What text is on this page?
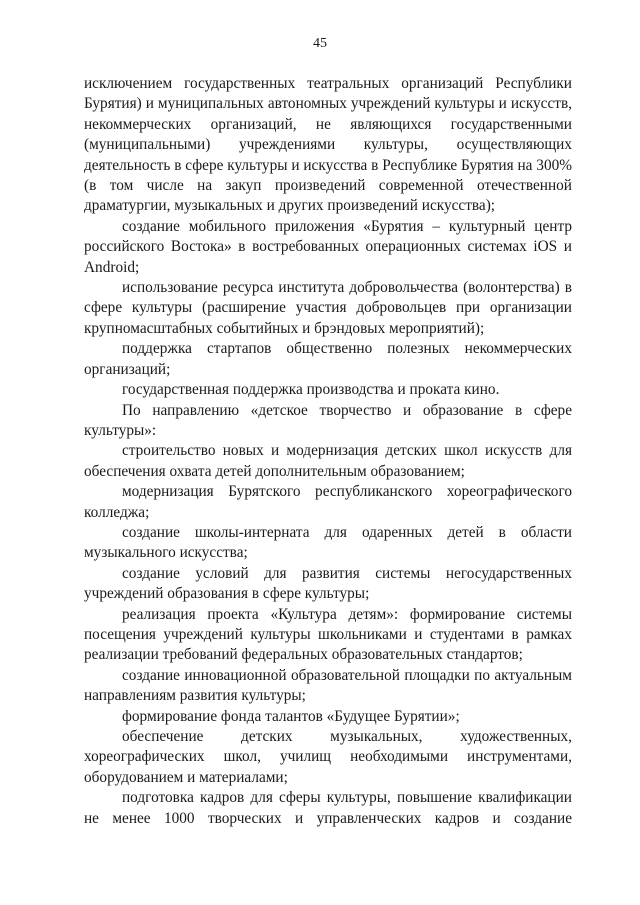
45

исключением государственных театральных организаций Республики Бурятия) и муниципальных автономных учреждений культуры и искусств, некоммерческих организаций, не являющихся государственными (муниципальными) учреждениями культуры, осуществляющих деятельность в сфере культуры и искусства в Республике Бурятия на 300% (в том числе на закуп произведений современной отечественной драматургии, музыкальных и других произведений искусства);

создание мобильного приложения «Бурятия – культурный центр российского Востока» в востребованных операционных системах iOS и Android;

использование ресурса института добровольчества (волонтерства) в сфере культуры (расширение участия добровольцев при организации крупномасштабных событийных и брэндовых мероприятий);

поддержка стартапов общественно полезных некоммерческих организаций;

государственная поддержка производства и проката кино.

По направлению «детское творчество и образование в сфере культуры»:

строительство новых и модернизация детских школ искусств для обеспечения охвата детей дополнительным образованием;

модернизация Бурятского республиканского хореографического колледжа;

создание школы-интерната для одаренных детей в области музыкального искусства;

создание условий для развития системы негосударственных учреждений образования в сфере культуры;

реализация проекта «Культура детям»: формирование системы посещения учреждений культуры школьниками и студентами в рамках реализации требований федеральных образовательных стандартов;

создание инновационной образовательной площадки по актуальным направлениям развития культуры;

формирование фонда талантов «Будущее Бурятии»;

обеспечение детских музыкальных, художественных, хореографических школ, училищ необходимыми инструментами, оборудованием и материалами;

подготовка кадров для сферы культуры, повышение квалификации не менее 1000 творческих и управленческих кадров и создание
